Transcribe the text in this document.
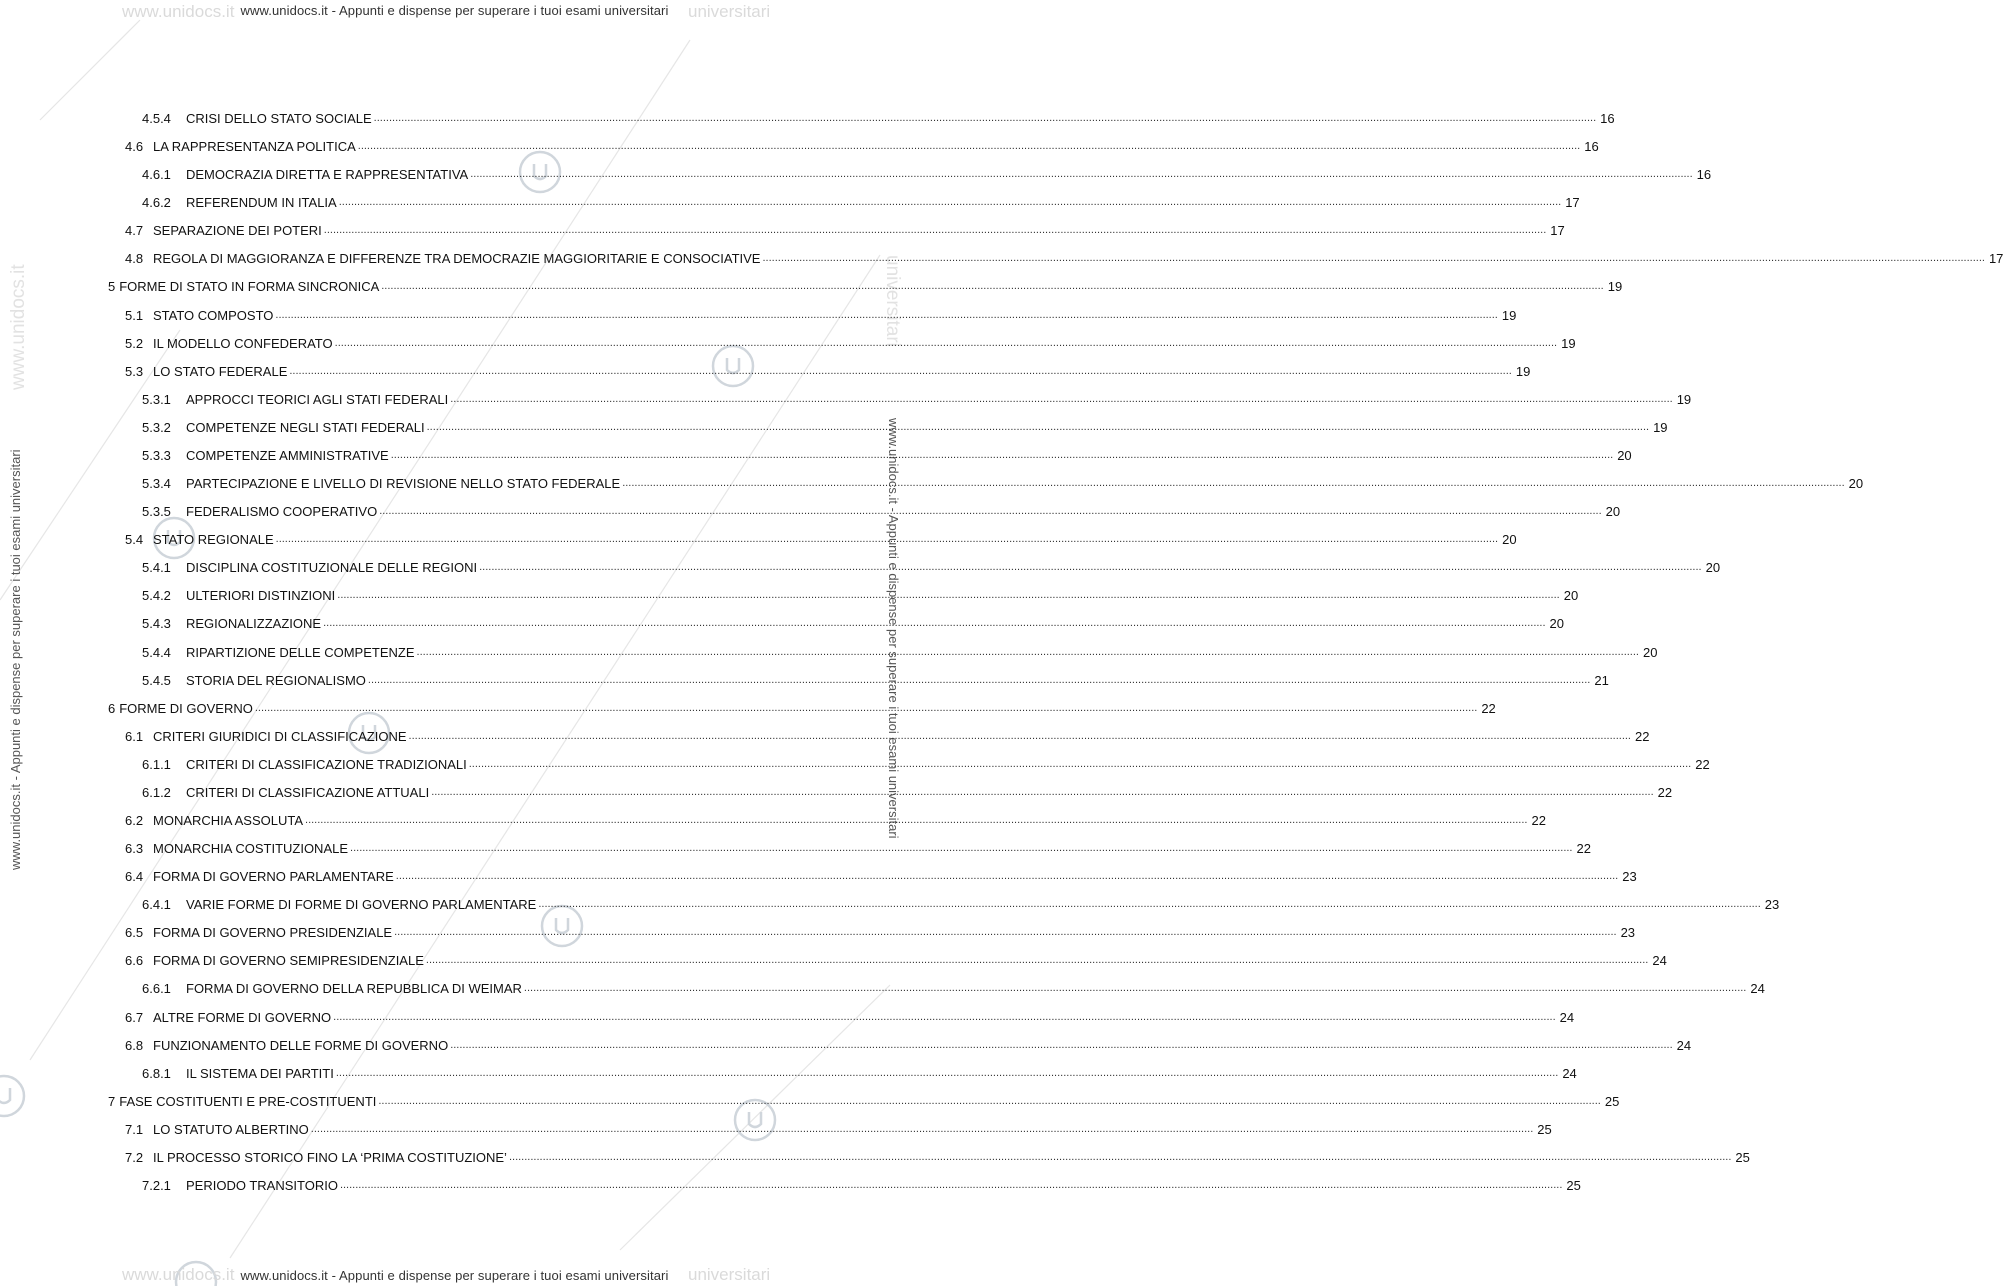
www.unidocs.it	universitari
www.unidocs.it	universitari
www.unidocs.it	universitari
www.unidocs.it - Appunti e dispense per superare i tuoi esami universitari
www.unidocs.it - Appunti e dispense per superare i tuoi esami universitari
www.unidocs.it - Appunti e dispense per superare i tuoi esami universitari	www.unidocs.it - Appunti e dispense per superare i tuoi esami universitari
4.5.4	CRISI DELLO STATO SOCIALE ................................................................................................................................................................................................................................................................................................................................................................................................................ 16
4.6 LA RAPPRESENTANZA POLITICA ................................................................................................................................................................................................................................................................................................................................................................................................................ 16
4.6.1	DEMOCRAZIA DIRETTA E RAPPRESENTATIVA ................................................................................................................................................................................................................................................................................................................................................................................................................ 16
4.6.2	REFERENDUM IN ITALIA ................................................................................................................................................................................................................................................................................................................................................................................................................ 17
4.7 SEPARAZIONE DEI POTERI ................................................................................................................................................................................................................................................................................................................................................................................................................ 17
4.8 REGOLA DI MAGGIORANZA E DIFFERENZE TRA DEMOCRAZIE MAGGIORITARIE E CONSOCIATIVE ................................................................................................................................................................................................................................................................................................................................................................................................................ 17
5 FORME DI STATO IN FORMA SINCRONICA ................................................................................................................................................................................................................................................................................................................................................................................................................ 19
5.1 STATO COMPOSTO ................................................................................................................................................................................................................................................................................................................................................................................................................ 19
5.2 IL MODELLO CONFEDERATO ................................................................................................................................................................................................................................................................................................................................................................................................................ 19
5.3 LO STATO FEDERALE ................................................................................................................................................................................................................................................................................................................................................................................................................ 19
5.3.1	APPROCCI TEORICI AGLI STATI FEDERALI ................................................................................................................................................................................................................................................................................................................................................................................................................ 19
5.3.2	COMPETENZE NEGLI STATI FEDERALI ................................................................................................................................................................................................................................................................................................................................................................................................................ 19
5.3.3	COMPETENZE AMMINISTRATIVE ................................................................................................................................................................................................................................................................................................................................................................................................................ 20
5.3.4	PARTECIPAZIONE E LIVELLO DI REVISIONE NELLO STATO FEDERALE ................................................................................................................................................................................................................................................................................................................................................................................................................ 20
5.3.5	FEDERALISMO COOPERATIVO ................................................................................................................................................................................................................................................................................................................................................................................................................ 20
5.4 STATO REGIONALE ................................................................................................................................................................................................................................................................................................................................................................................................................ 20
5.4.1	DISCIPLINA COSTITUZIONALE DELLE REGIONI ................................................................................................................................................................................................................................................................................................................................................................................................................ 20
5.4.2	ULTERIORI DISTINZIONI ................................................................................................................................................................................................................................................................................................................................................................................................................ 20
5.4.3	REGIONALIZZAZIONE ................................................................................................................................................................................................................................................................................................................................................................................................................ 20
5.4.4	RIPARTIZIONE DELLE COMPETENZE ................................................................................................................................................................................................................................................................................................................................................................................................................ 20
5.4.5	STORIA DEL REGIONALISMO ................................................................................................................................................................................................................................................................................................................................................................................................................ 21
6 FORME DI GOVERNO ................................................................................................................................................................................................................................................................................................................................................................................................................ 22
6.1 CRITERI GIURIDICI DI CLASSIFICAZIONE ................................................................................................................................................................................................................................................................................................................................................................................................................ 22
6.1.1	CRITERI DI CLASSIFICAZIONE TRADIZIONALI ................................................................................................................................................................................................................................................................................................................................................................................................................ 22
6.1.2	CRITERI DI CLASSIFICAZIONE ATTUALI ................................................................................................................................................................................................................................................................................................................................................................................................................ 22
6.2 MONARCHIA ASSOLUTA ................................................................................................................................................................................................................................................................................................................................................................................................................ 22
6.3 MONARCHIA COSTITUZIONALE ................................................................................................................................................................................................................................................................................................................................................................................................................ 22
6.4 FORMA DI GOVERNO PARLAMENTARE ................................................................................................................................................................................................................................................................................................................................................................................................................ 23
6.4.1	VARIE FORME DI FORME DI GOVERNO PARLAMENTARE ................................................................................................................................................................................................................................................................................................................................................................................................................ 23
6.5 FORMA DI GOVERNO PRESIDENZIALE ................................................................................................................................................................................................................................................................................................................................................................................................................ 23
6.6 FORMA DI GOVERNO SEMIPRESIDENZIALE ................................................................................................................................................................................................................................................................................................................................................................................................................ 24
6.6.1	FORMA DI GOVERNO DELLA REPUBBLICA DI WEIMAR ................................................................................................................................................................................................................................................................................................................................................................................................................ 24
6.7 ALTRE FORME DI GOVERNO ................................................................................................................................................................................................................................................................................................................................................................................................................ 24
6.8 FUNZIONAMENTO DELLE FORME DI GOVERNO ................................................................................................................................................................................................................................................................................................................................................................................................................ 24
6.8.1	IL SISTEMA DEI PARTITI ................................................................................................................................................................................................................................................................................................................................................................................................................ 24
7 FASE COSTITUENTI E PRE-COSTITUENTI ................................................................................................................................................................................................................................................................................................................................................................................................................ 25
7.1 LO STATUTO ALBERTINO ................................................................................................................................................................................................................................................................................................................................................................................................................ 25
7.2 IL PROCESSO STORICO FINO LA ‘PRIMA COSTITUZIONE’ ................................................................................................................................................................................................................................................................................................................................................................................................................ 25
7.2.1	PERIODO TRANSITORIO ................................................................................................................................................................................................................................................................................................................................................................................................................ 25
